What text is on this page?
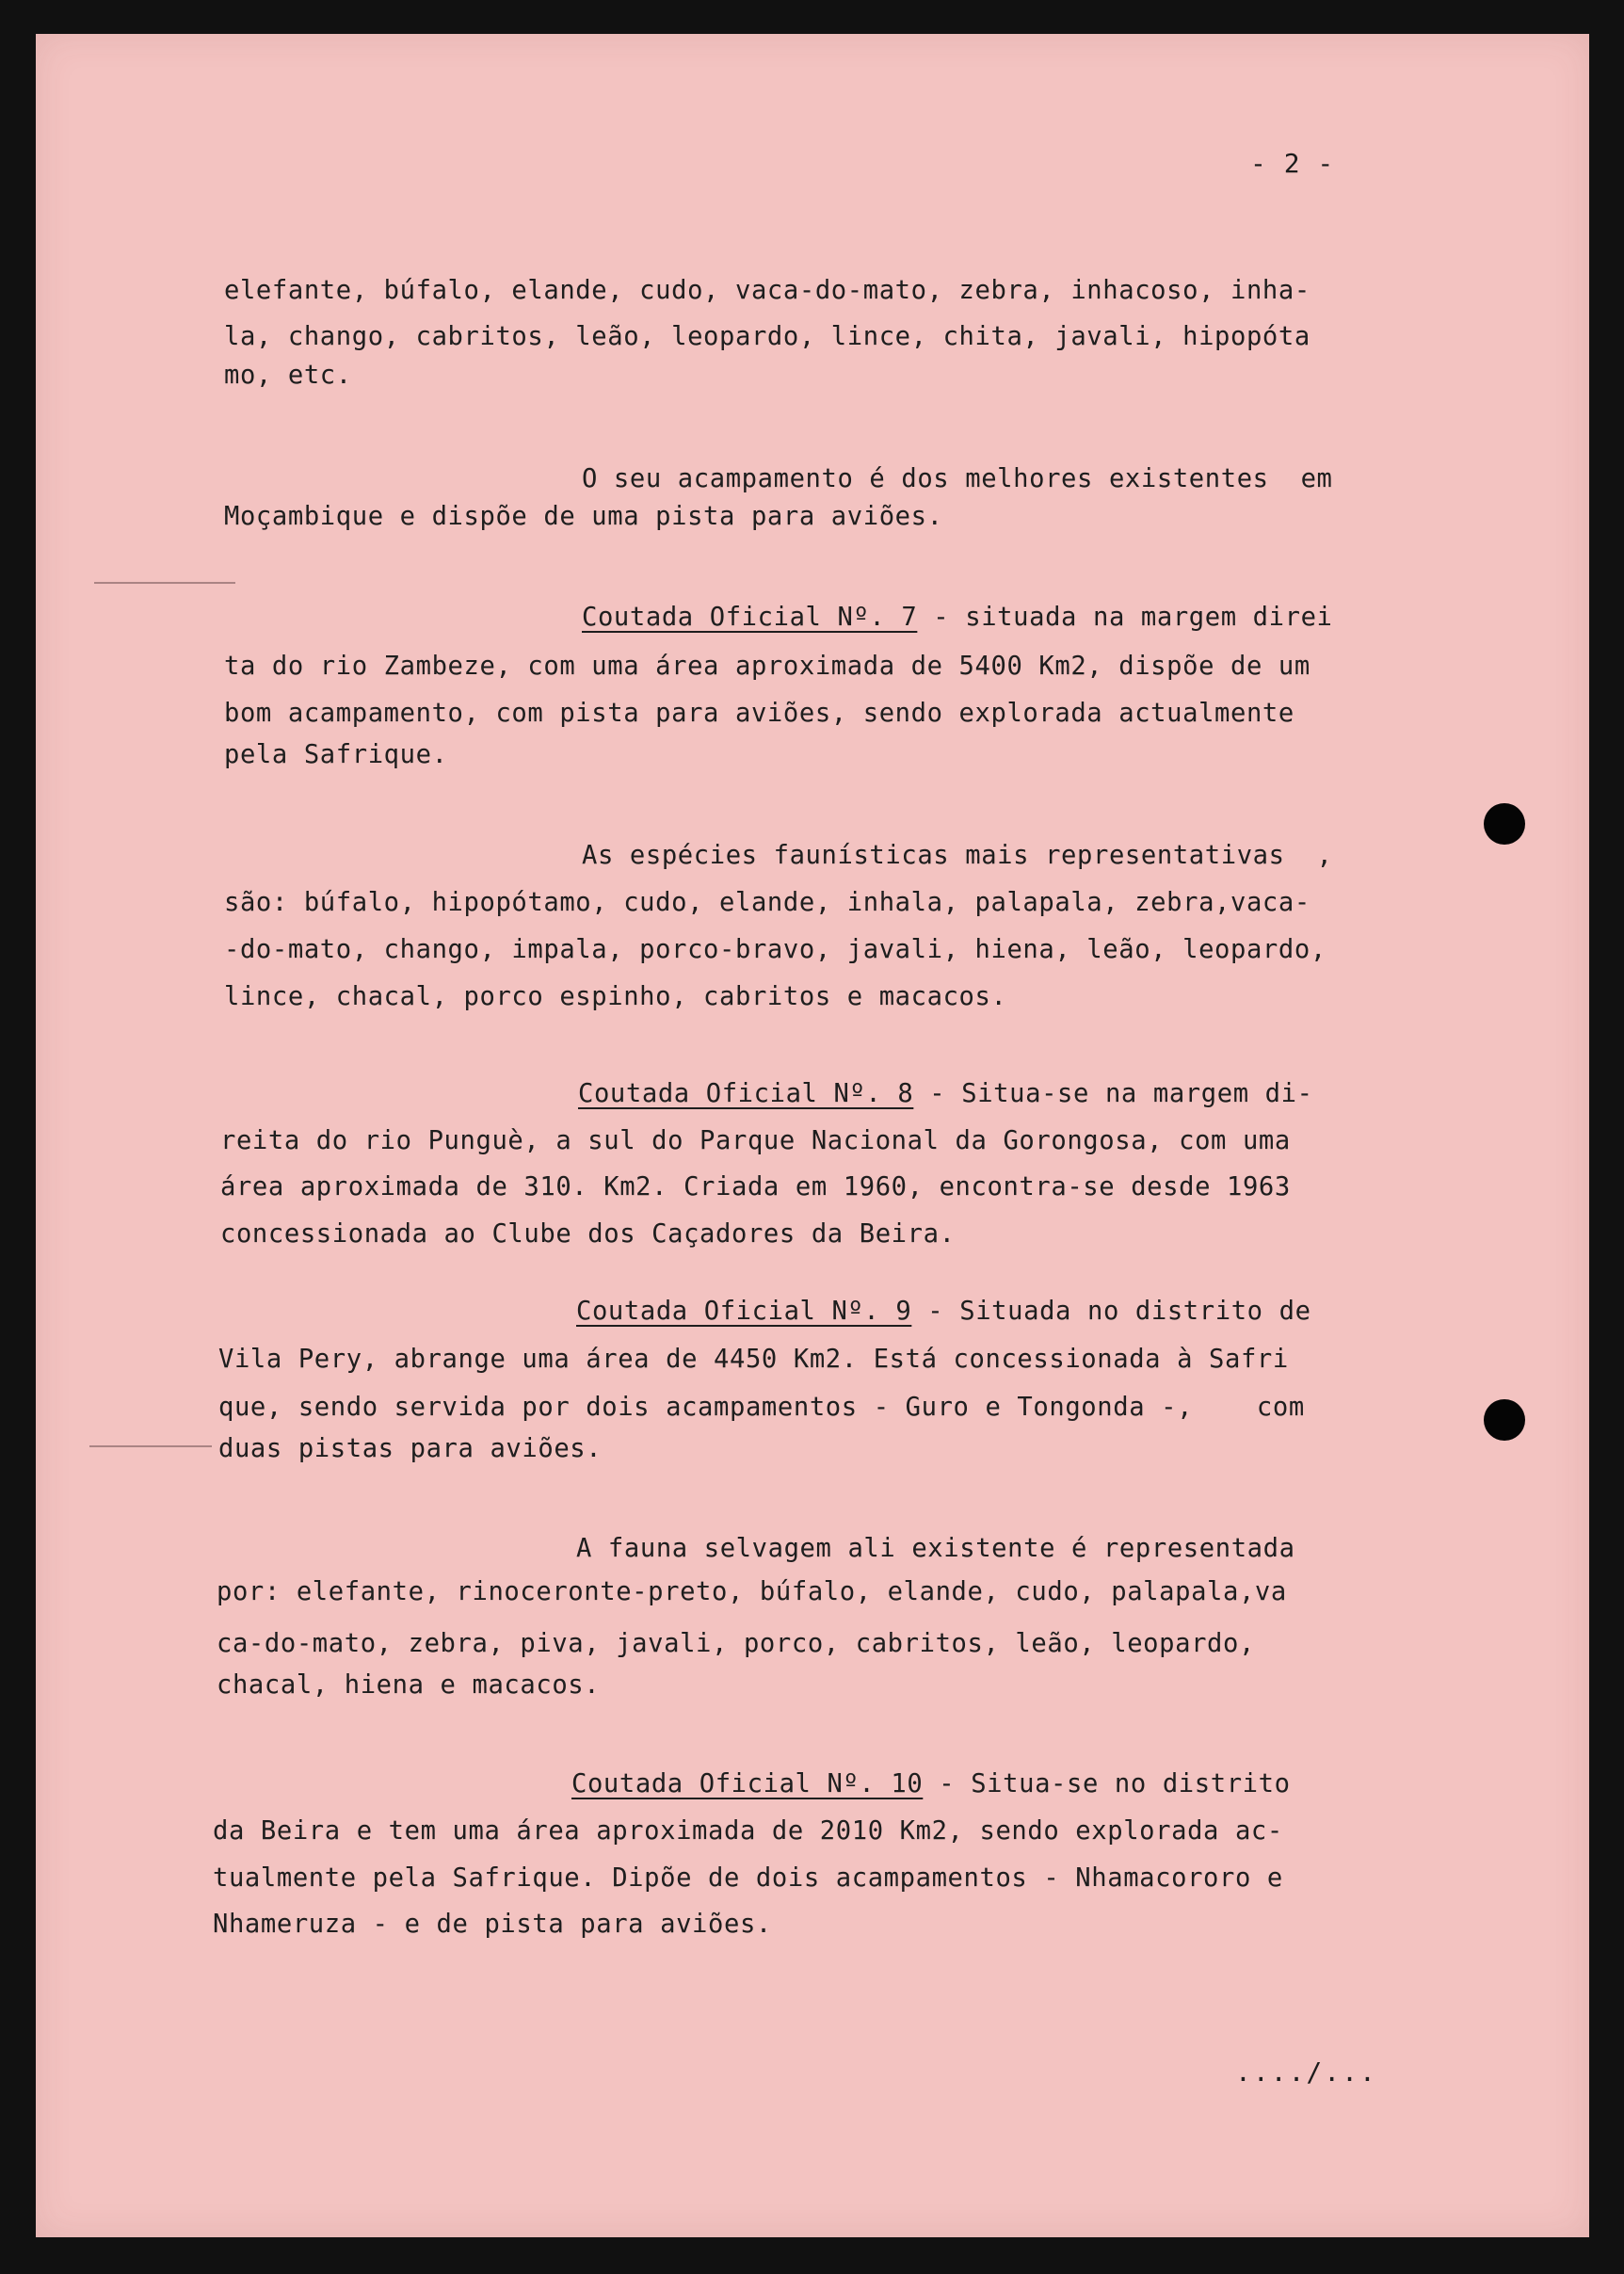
- 2 -
elefante, búfalo, elande, cudo, vaca-do-mato, zebra, inhacoso, inha-
la, chango, cabritos, leão, leopardo, lince, chita, javali, hipopóta
mo, etc.
O seu acampamento é dos melhores existentes  em
Moçambique e dispõe de uma pista para aviões.
Coutada Oficial Nº. 7 - situada na margem direi
ta do rio Zambeze, com uma área aproximada de 5400 Km2, dispõe de um
bom acampamento, com pista para aviões, sendo explorada actualmente
pela Safrique.
As espécies faunísticas mais representativas  ,
são: búfalo, hipopótamo, cudo, elande, inhala, palapala, zebra,vaca-
-do-mato, chango, impala, porco-bravo, javali, hiena, leão, leopardo,
lince, chacal, porco espinho, cabritos e macacos.
Coutada Oficial Nº. 8 - Situa-se na margem di-
reita do rio Punguè, a sul do Parque Nacional da Gorongosa, com uma
área aproximada de 310. Km2. Criada em 1960, encontra-se desde 1963
concessionada ao Clube dos Caçadores da Beira.
Coutada Oficial Nº. 9 - Situada no distrito de
Vila Pery, abrange uma área de 4450 Km2. Está concessionada à Safri
que, sendo servida por dois acampamentos - Guro e Tongonda -,    com
duas pistas para aviões.
A fauna selvagem ali existente é representada
por: elefante, rinoceronte-preto, búfalo, elande, cudo, palapala,va
ca-do-mato, zebra, piva, javali, porco, cabritos, leão, leopardo,
chacal, hiena e macacos.
Coutada Oficial Nº. 10 - Situa-se no distrito
da Beira e tem uma área aproximada de 2010 Km2, sendo explorada ac-
tualmente pela Safrique. Dipõe de dois acampamentos - Nhamacororo e
Nhameruza - e de pista para aviões.
..../...
